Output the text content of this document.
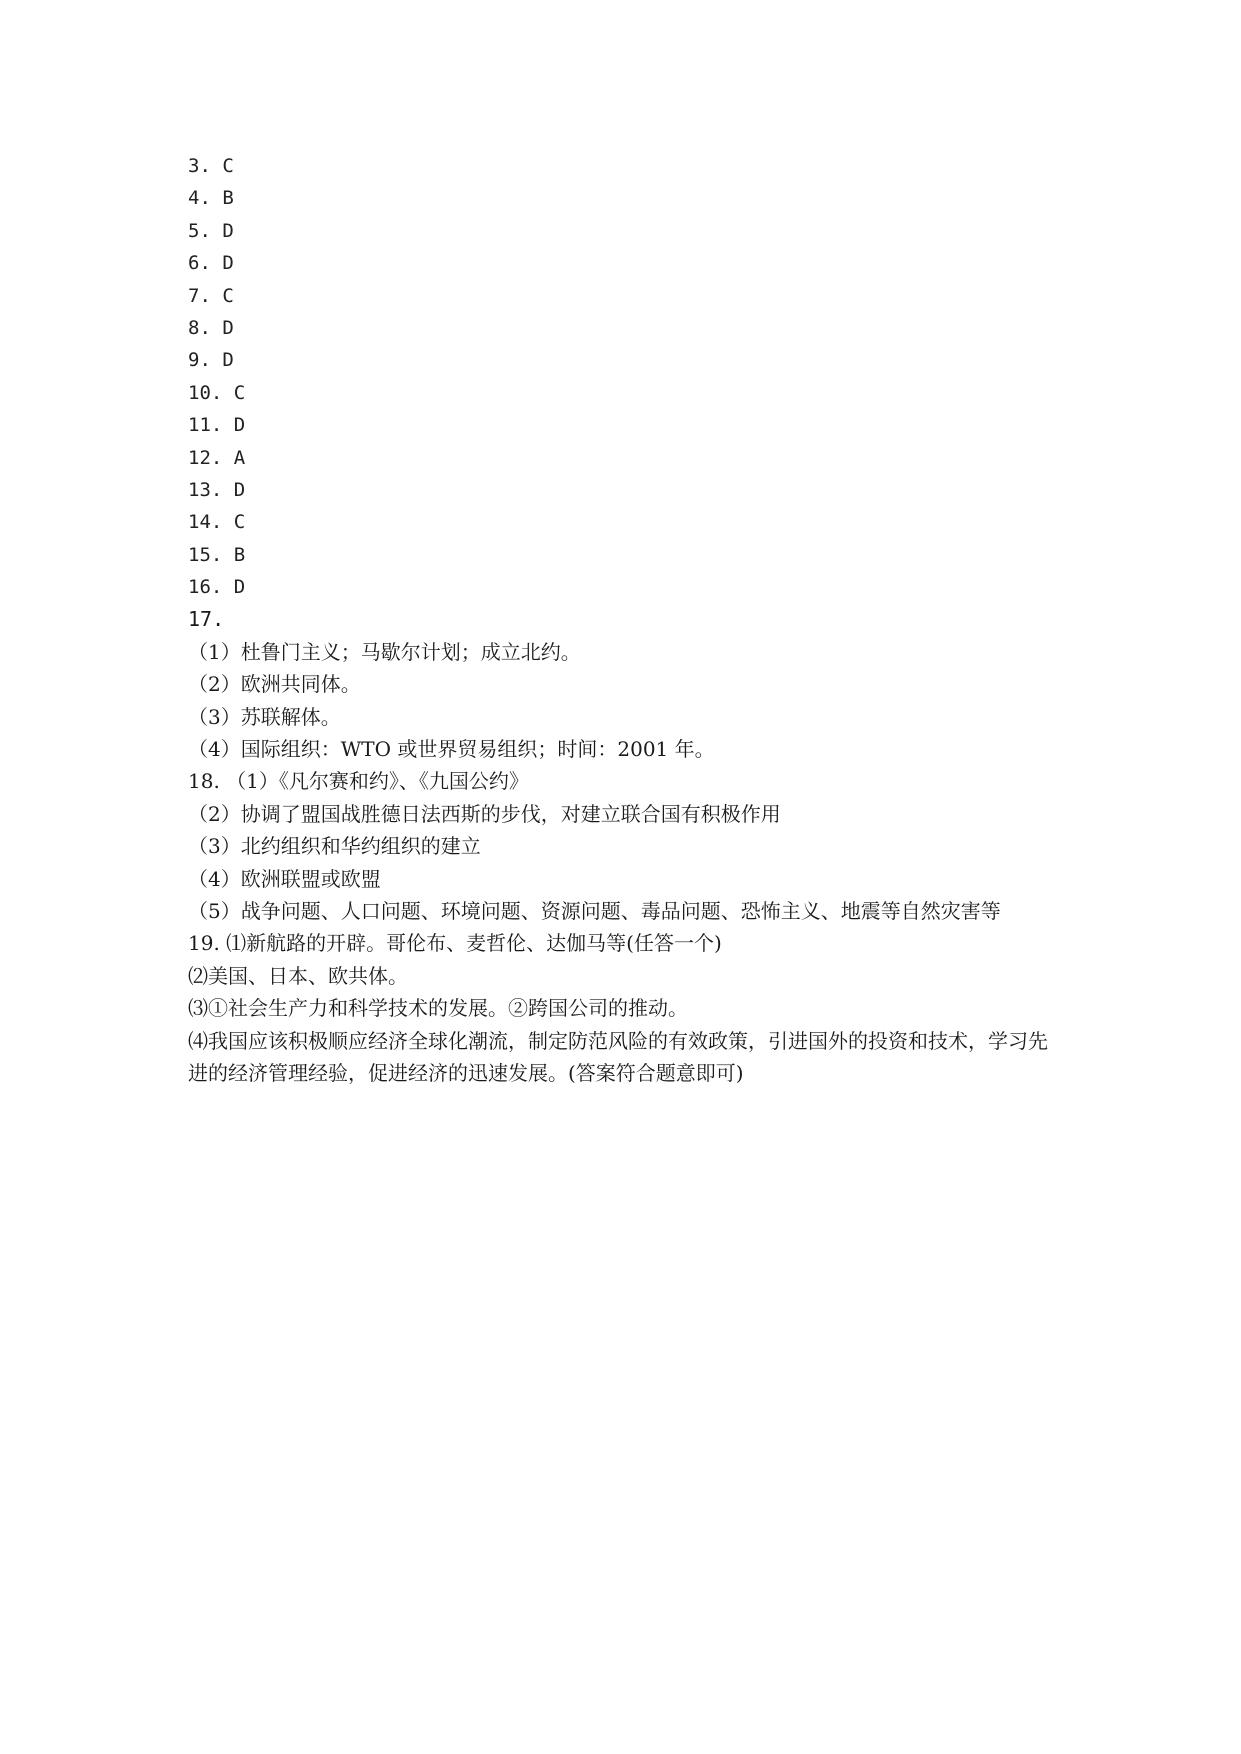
3. C

4. B

5. D

6. D

7. C

8. D

9. D

10. C

11. D

12. A

13. D

14. C

15. B

16. D

17.

（1）杜鲁门主义；马歇尔计划；成立北约。

（2）欧洲共同体。

（3）苏联解体。

（4）国际组织：WTO 或世界贸易组织；时间：2001 年。

18. （1）《凡尔赛和约》、《九国公约》

（2）协调了盟国战胜德日法西斯的步伐，对建立联合国有积极作用

（3）北约组织和华约组织的建立

（4）欧洲联盟或欧盟

（5）战争问题、人口问题、环境问题、资源问题、毒品问题、恐怖主义、地震等自然灾害等

19. ⑴新航路的开辟。哥伦布、麦哲伦、达伽马等(任答一个)

⑵美国、日本、欧共体。

⑶①社会生产力和科学技术的发展。②跨国公司的推动。

⑷我国应该积极顺应经济全球化潮流，制定防范风险的有效政策，引进国外的投资和技术，学习先进的经济管理经验，促进经济的迅速发展。(答案符合题意即可)
